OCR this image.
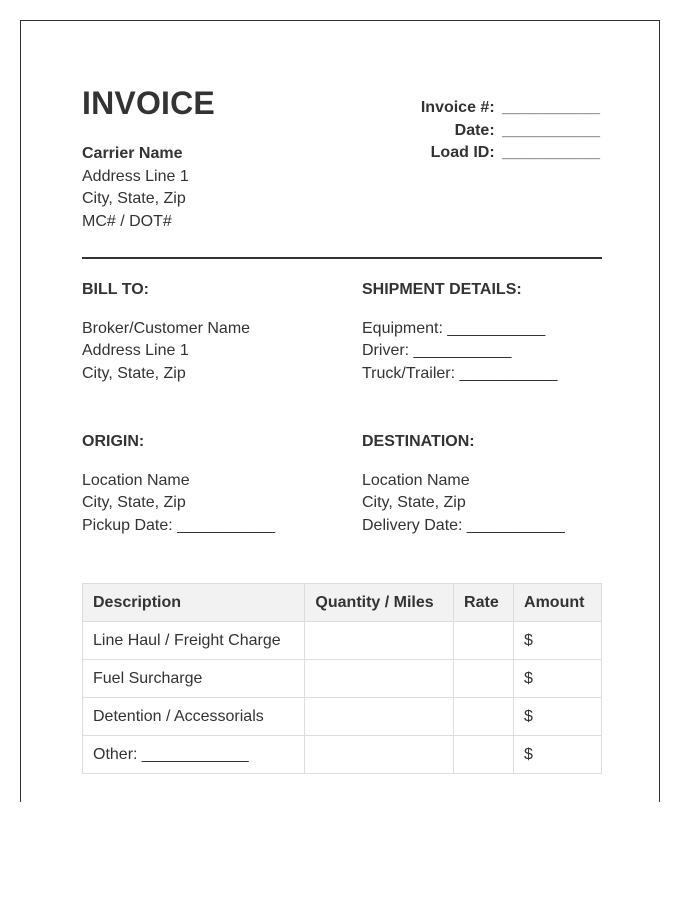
INVOICE
Carrier Name
Address Line 1
City, State, Zip
MC# / DOT#
Invoice #: ___________
Date: ___________
Load ID: ___________
BILL TO:
Broker/Customer Name
Address Line 1
City, State, Zip
SHIPMENT DETAILS:
Equipment: ___________
Driver: ___________
Truck/Trailer: ___________
ORIGIN:
Location Name
City, State, Zip
Pickup Date: ___________
DESTINATION:
Location Name
City, State, Zip
Delivery Date: ___________
Description	Quantity / Miles	Rate	Amount
Line Haul / Freight Charge			$
Fuel Surcharge			$
Detention / Accessorials			$
Other: ____________			$
